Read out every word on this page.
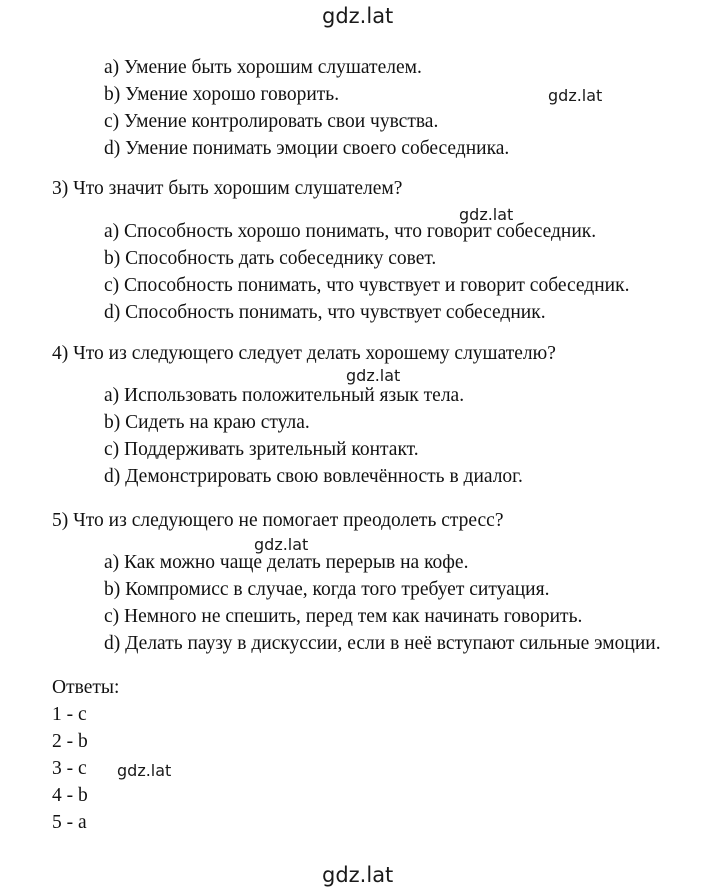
gdz.lat
gdz.lat
gdz.lat
gdz.lat
gdz.lat
gdz.lat
gdz.lat
a) Умение быть хорошим слушателем.
b) Умение хорошо говорить.
c) Умение контролировать свои чувства.
d) Умение понимать эмоции своего собеседника.
3) Что значит быть хорошим слушателем?
a) Способность хорошо понимать, что говорит собеседник.
b) Способность дать собеседнику совет.
c) Способность понимать, что чувствует и говорит собеседник.
d) Способность понимать, что чувствует собеседник.
4) Что из следующего следует делать хорошему слушателю?
a) Использовать положительный язык тела.
b) Сидеть на краю стула.
c) Поддерживать зрительный контакт.
d) Демонстрировать свою вовлечённость в диалог.
5) Что из следующего не помогает преодолеть стресс?
a) Как можно чаще делать перерыв на кофе.
b) Компромисс в случае, когда того требует ситуация.
c) Немного не спешить, перед тем как начинать говорить.
d) Делать паузу в дискуссии, если в неё вступают сильные эмоции.
Ответы:
1 - c
2 - b
3 - c
4 - b
5 - a
